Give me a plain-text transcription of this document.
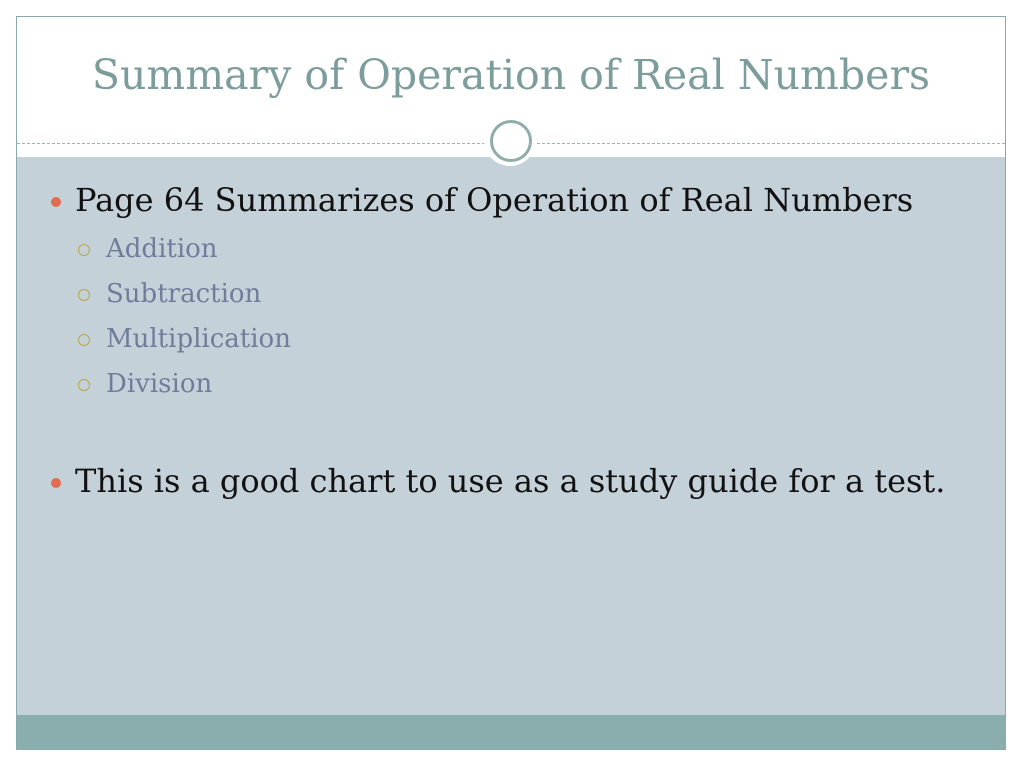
Summary of Operation of Real Numbers
Page 64 Summarizes of Operation of Real Numbers
Addition
Subtraction
Multiplication
Division
This is a good chart to use as a study guide for a test.
